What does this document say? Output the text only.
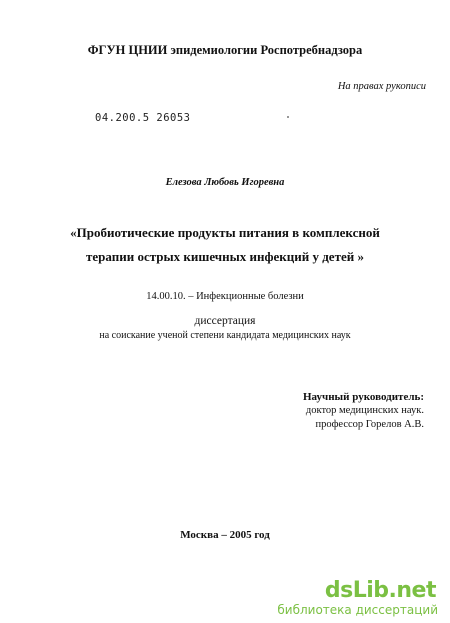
ФГУН ЦНИИ эпидемиологии Роспотребнадзора
На правах рукописи
04.200.5 26053
Елезова Любовь Игоревна
«Пробиотические продукты питания в комплексной
терапии острых кишечных инфекций у детей »
14.00.10. – Инфекционные болезни
диссертация
на соискание ученой степени кандидата медицинских наук
Научный руководитель:
доктор медицинских наук.
профессор Горелов А.В.
Москва – 2005 год
dsLib.net
библиотека диссертаций
